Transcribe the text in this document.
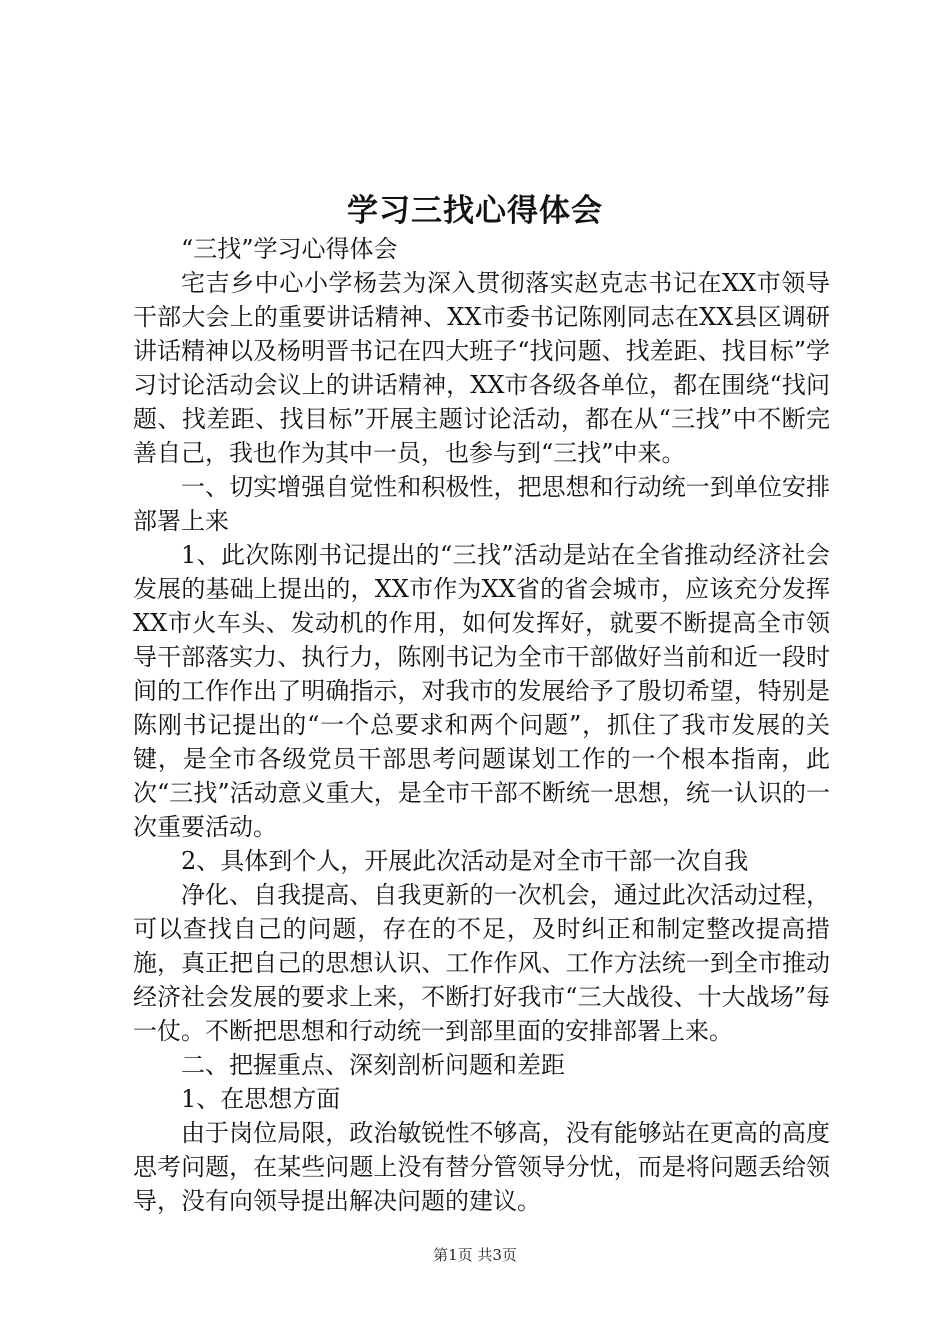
学习三找心得体会

“三找”学习心得体会

宅吉乡中心小学杨芸为深入贯彻落实赵克志书记在XX市领导干部大会上的重要讲话精神、XX市委书记陈刚同志在XX县区调研讲话精神以及杨明晋书记在四大班子“找问题、找差距、找目标”学习讨论活动会议上的讲话精神，XX市各级各单位，都在围绕“找问题、找差距、找目标”开展主题讨论活动，都在从“三找”中不断完善自己，我也作为其中一员，也参与到“三找”中来。

一、切实增强自觉性和积极性，把思想和行动统一到单位安排部署上来

1、此次陈刚书记提出的“三找”活动是站在全省推动经济社会发展的基础上提出的，XX市作为XX省的省会城市，应该充分发挥XX市火车头、发动机的作用，如何发挥好，就要不断提高全市领导干部落实力、执行力，陈刚书记为全市干部做好当前和近一段时间的工作作出了明确指示，对我市的发展给予了殷切希望，特别是陈刚书记提出的“一个总要求和两个问题”，抓住了我市发展的关键，是全市各级党员干部思考问题谋划工作的一个根本指南，此次“三找”活动意义重大，是全市干部不断统一思想，统一认识的一次重要活动。

2、具体到个人，开展此次活动是对全市干部一次自我

净化、自我提高、自我更新的一次机会，通过此次活动过程，可以查找自己的问题，存在的不足，及时纠正和制定整改提高措施，真正把自己的思想认识、工作作风、工作方法统一到全市推动经济社会发展的要求上来，不断打好我市“三大战役、十大战场”每一仗。不断把思想和行动统一到部里面的安排部署上来。

二、把握重点、深刻剖析问题和差距

1、在思想方面

由于岗位局限，政治敏锐性不够高，没有能够站在更高的高度思考问题，在某些问题上没有替分管领导分忧，而是将问题丢给领导，没有向领导提出解决问题的建议。

第1页 共3页
